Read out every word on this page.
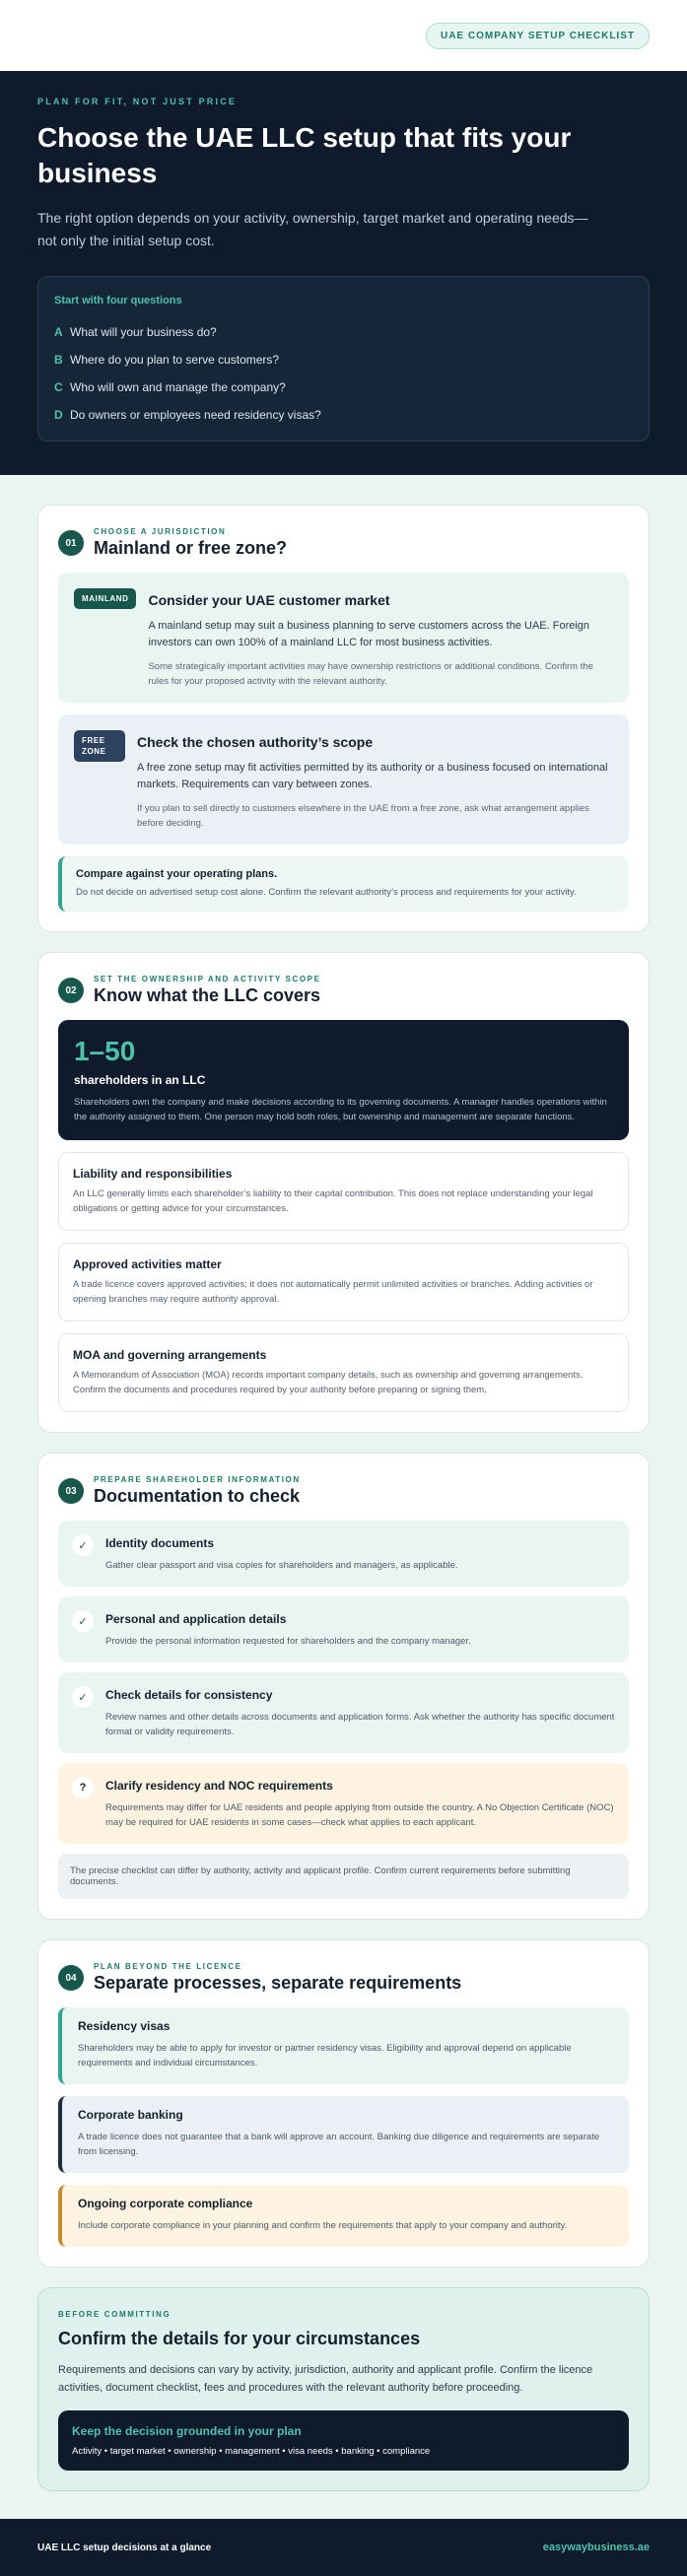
UAE COMPANY SETUP CHECKLIST
PLAN FOR FIT, NOT JUST PRICE
Choose the UAE LLC setup that fits your business

The right option depends on your activity, ownership, target market and operating needs—not only the initial setup cost.

Start with four questions
A What will your business do?
B Where do you plan to serve customers?
C Who will own and manage the company?
D Do owners or employees need residency visas?
01
CHOOSE A JURISDICTION
Mainland or free zone?
MAINLAND	Consider your UAE customer market

A mainland setup may suit a business planning to serve customers across the UAE. Foreign investors can own 100% of a mainland LLC for most business activities.

Some strategically important activities may have ownership restrictions or additional conditions. Confirm the rules for your proposed activity with the relevant authority.

FREE ZONE
Check the chosen authority’s scope

A free zone setup may fit activities permitted by its authority or a business focused on international markets. Requirements can vary between zones.

If you plan to sell directly to customers elsewhere in the UAE from a free zone, ask what arrangement applies before deciding.

Compare against your operating plans.
Do not decide on advertised setup cost alone. Confirm the relevant authority’s process and requirements for your activity.
02
SET THE OWNERSHIP AND ACTIVITY SCOPE
Know what the LLC covers
1–50
shareholders in an LLC
Shareholders own the company and make decisions according to its governing documents. A manager handles operations within the authority assigned to them. One person may hold both roles, but ownership and management are separate functions.
Liability and responsibilities
An LLC generally limits each shareholder’s liability to their capital contribution. This does not replace understanding your legal obligations or getting advice for your circumstances.
Approved activities matter
A trade licence covers approved activities; it does not automatically permit unlimited activities or branches. Adding activities or opening branches may require authority approval.
MOA and governing arrangements
A Memorandum of Association (MOA) records important company details, such as ownership and governing arrangements. Confirm the documents and procedures required by your authority before preparing or signing them.
03
PREPARE SHAREHOLDER INFORMATION
Documentation to check
✓	Identity documents
Gather clear passport and visa copies for shareholders and managers, as applicable.
✓	Personal and application details
Provide the personal information requested for shareholders and the company manager.
✓	Check details for consistency
Review names and other details across documents and application forms. Ask whether the authority has specific document format or validity requirements.
?	Clarify residency and NOC requirements
Requirements may differ for UAE residents and people applying from outside the country. A No Objection Certificate (NOC) may be required for UAE residents in some cases—check what applies to each applicant.
The precise checklist can differ by authority, activity and applicant profile. Confirm current requirements before submitting documents.
04
PLAN BEYOND THE LICENCE
Separate processes, separate requirements
Residency visas
Shareholders may be able to apply for investor or partner residency visas. Eligibility and approval depend on applicable requirements and individual circumstances.
Corporate banking
A trade licence does not guarantee that a bank will approve an account. Banking due diligence and requirements are separate from licensing.
Ongoing corporate compliance
Include corporate compliance in your planning and confirm the requirements that apply to your company and authority.
BEFORE COMMITTING
Confirm the details for your circumstances

Requirements and decisions can vary by activity, jurisdiction, authority and applicant profile. Confirm the licence activities, document checklist, fees and procedures with the relevant authority before proceeding.

Keep the decision grounded in your plan
Activity • target market • ownership • management • visa needs • banking • compliance
UAE LLC setup decisions at a glance	easywaybusiness.ae
